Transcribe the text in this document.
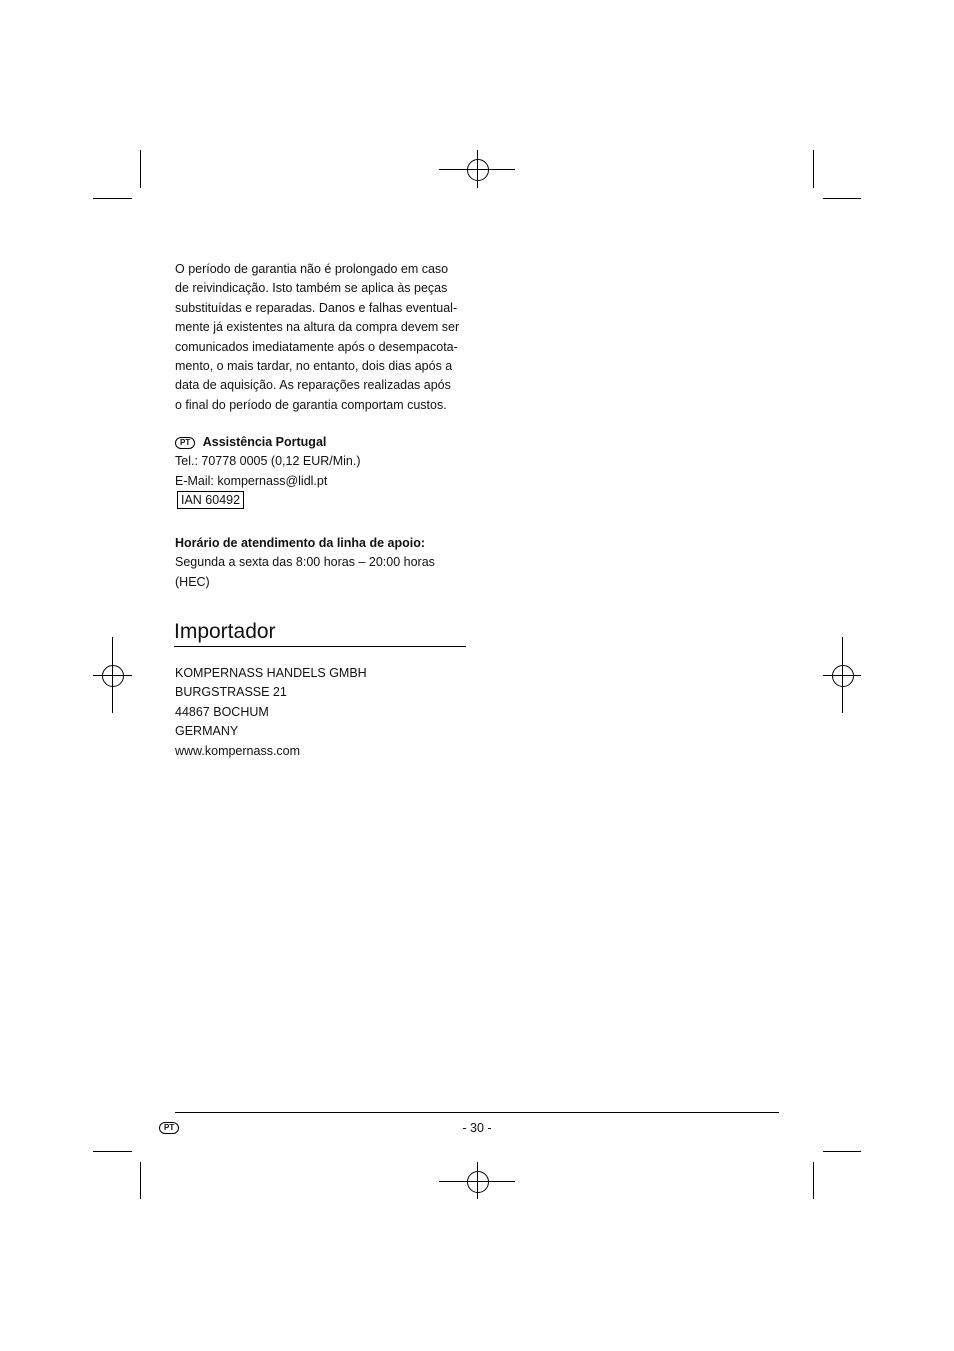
O período de garantia não é prolongado em caso
de reivindicação. Isto também se aplica às peças
substituídas e reparadas. Danos e falhas eventual-
mente já existentes na altura da compra devem ser
comunicados imediatamente após o desempacota-
mento, o mais tardar, no entanto, dois dias após a
data de aquisição. As reparações realizadas após
o final do período de garantia comportam custos.

PT Assistência Portugal
Tel.: 70778 0005 (0,12 EUR/Min.)
E-Mail: kompernass@lidl.pt
IAN 60492
Horário de atendimento da linha de apoio:
Segunda a sexta das 8:00 horas – 20:00 horas
(HEC)
Importador
KOMPERNASS HANDELS GMBH
BURGSTRASSE 21
44867 BOCHUM
GERMANY
www.kompernass.com
PT	- 30 -
